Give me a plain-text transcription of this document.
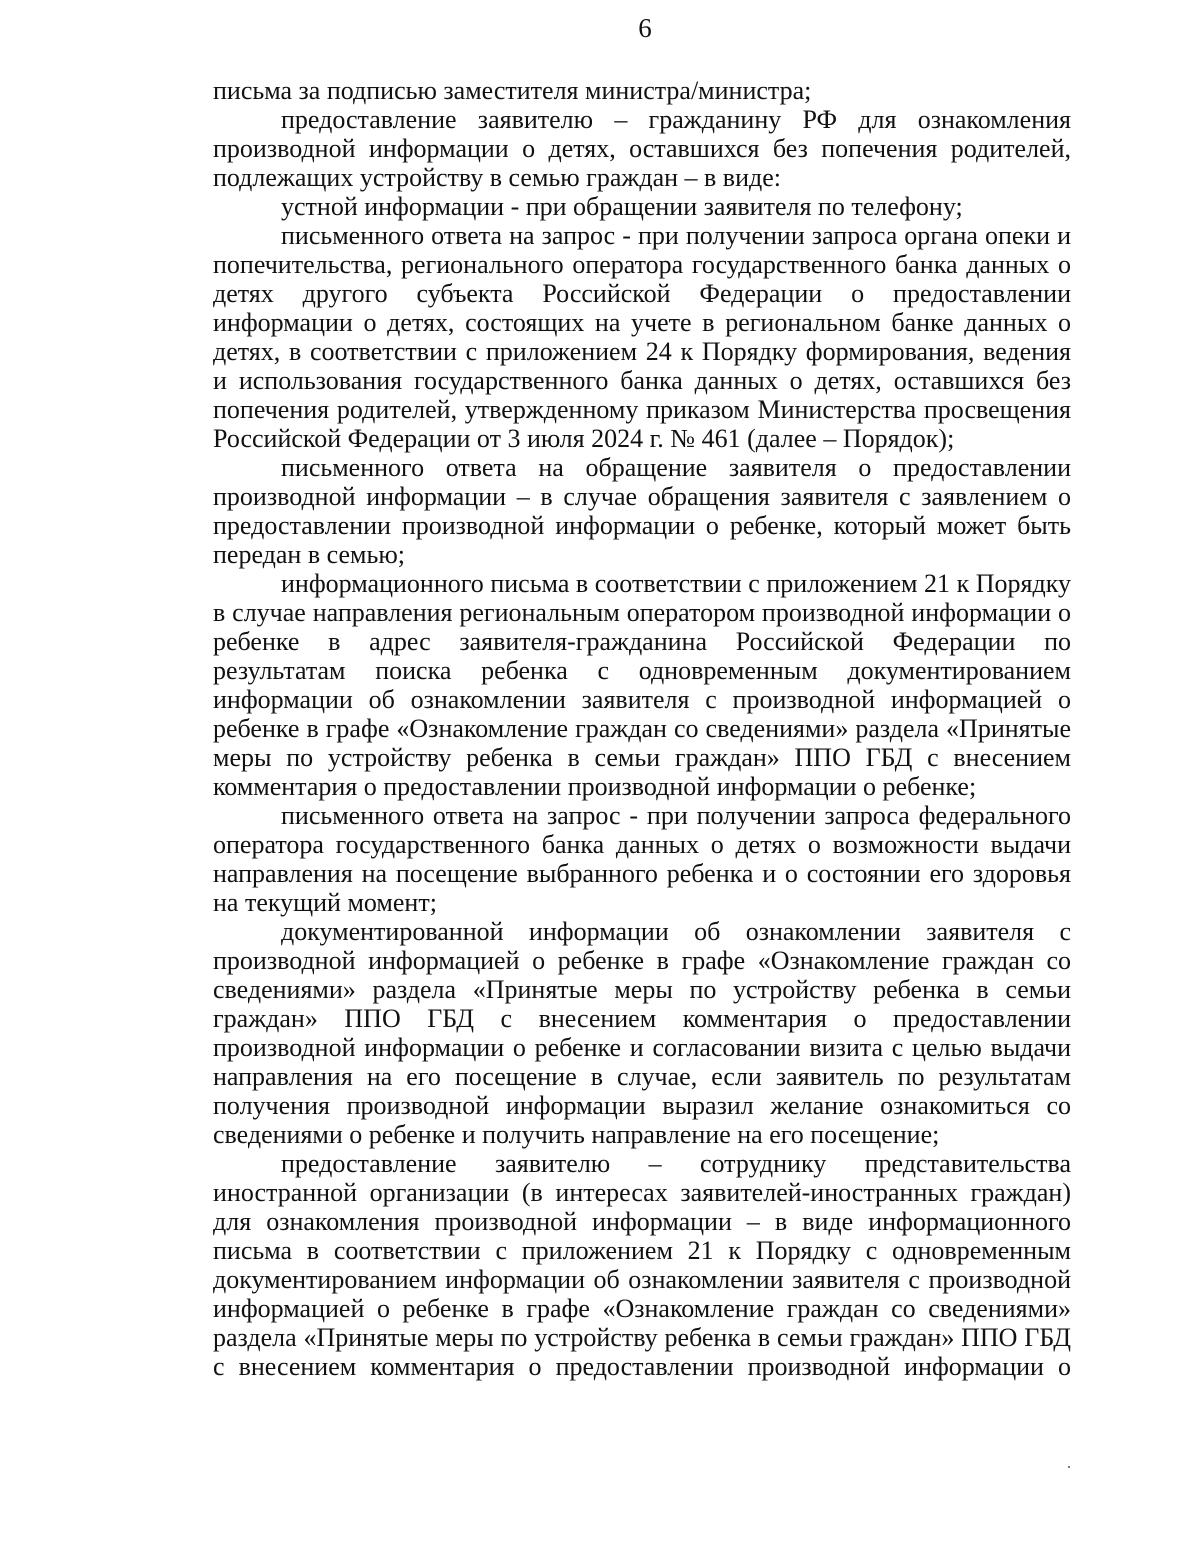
6

письма за подписью заместителя министра/министра;

предоставление заявителю – гражданину РФ для ознакомления производной информации о детях, оставшихся без попечения родителей, подлежащих устройству в семью граждан – в виде:

устной информации - при обращении заявителя по телефону;

письменного ответа на запрос - при получении запроса органа опеки и попечительства, регионального оператора государственного банка данных о детях другого субъекта Российской Федерации о предоставлении информации о детях, состоящих на учете в региональном банке данных о детях, в соответствии с приложением 24 к Порядку формирования, ведения и использования государственного банка данных о детях, оставшихся без попечения родителей, утвержденному приказом Министерства просвещения Российской Федерации от 3 июля 2024 г. № 461 (далее – Порядок);

письменного ответа на обращение заявителя о предоставлении производной информации – в случае обращения заявителя с заявлением о предоставлении производной информации о ребенке, который может быть передан в семью;

информационного письма в соответствии с приложением 21 к Порядку в случае направления региональным оператором производной информации о ребенке в адрес заявителя-гражданина Российской Федерации по результатам поиска ребенка с одновременным документированием информации об ознакомлении заявителя с производной информацией о ребенке в графе «Ознакомление граждан со сведениями» раздела «Принятые меры по устройству ребенка в семьи граждан» ППО ГБД с внесением комментария о предоставлении производной информации о ребенке;

письменного ответа на запрос - при получении запроса федерального оператора государственного банка данных о детях о возможности выдачи направления на посещение выбранного ребенка и о состоянии его здоровья на текущий момент;

документированной информации об ознакомлении заявителя с производной информацией о ребенке в графе «Ознакомление граждан со сведениями» раздела «Принятые меры по устройству ребенка в семьи граждан» ППО ГБД с внесением комментария о предоставлении производной информации о ребенке и согласовании визита с целью выдачи направления на его посещение в случае, если заявитель по результатам получения производной информации выразил желание ознакомиться со сведениями о ребенке и получить направление на его посещение;

предоставление заявителю – сотруднику представительства иностранной организации (в интересах заявителей-иностранных граждан) для ознакомления производной информации – в виде информационного письма в соответствии с приложением 21 к Порядку с одновременным документированием информации об ознакомлении заявителя с производной информацией о ребенке в графе «Ознакомление граждан со сведениями» раздела «Принятые меры по устройству ребенка в семьи граждан» ППО ГБД с внесением комментария о предоставлении производной информации о
